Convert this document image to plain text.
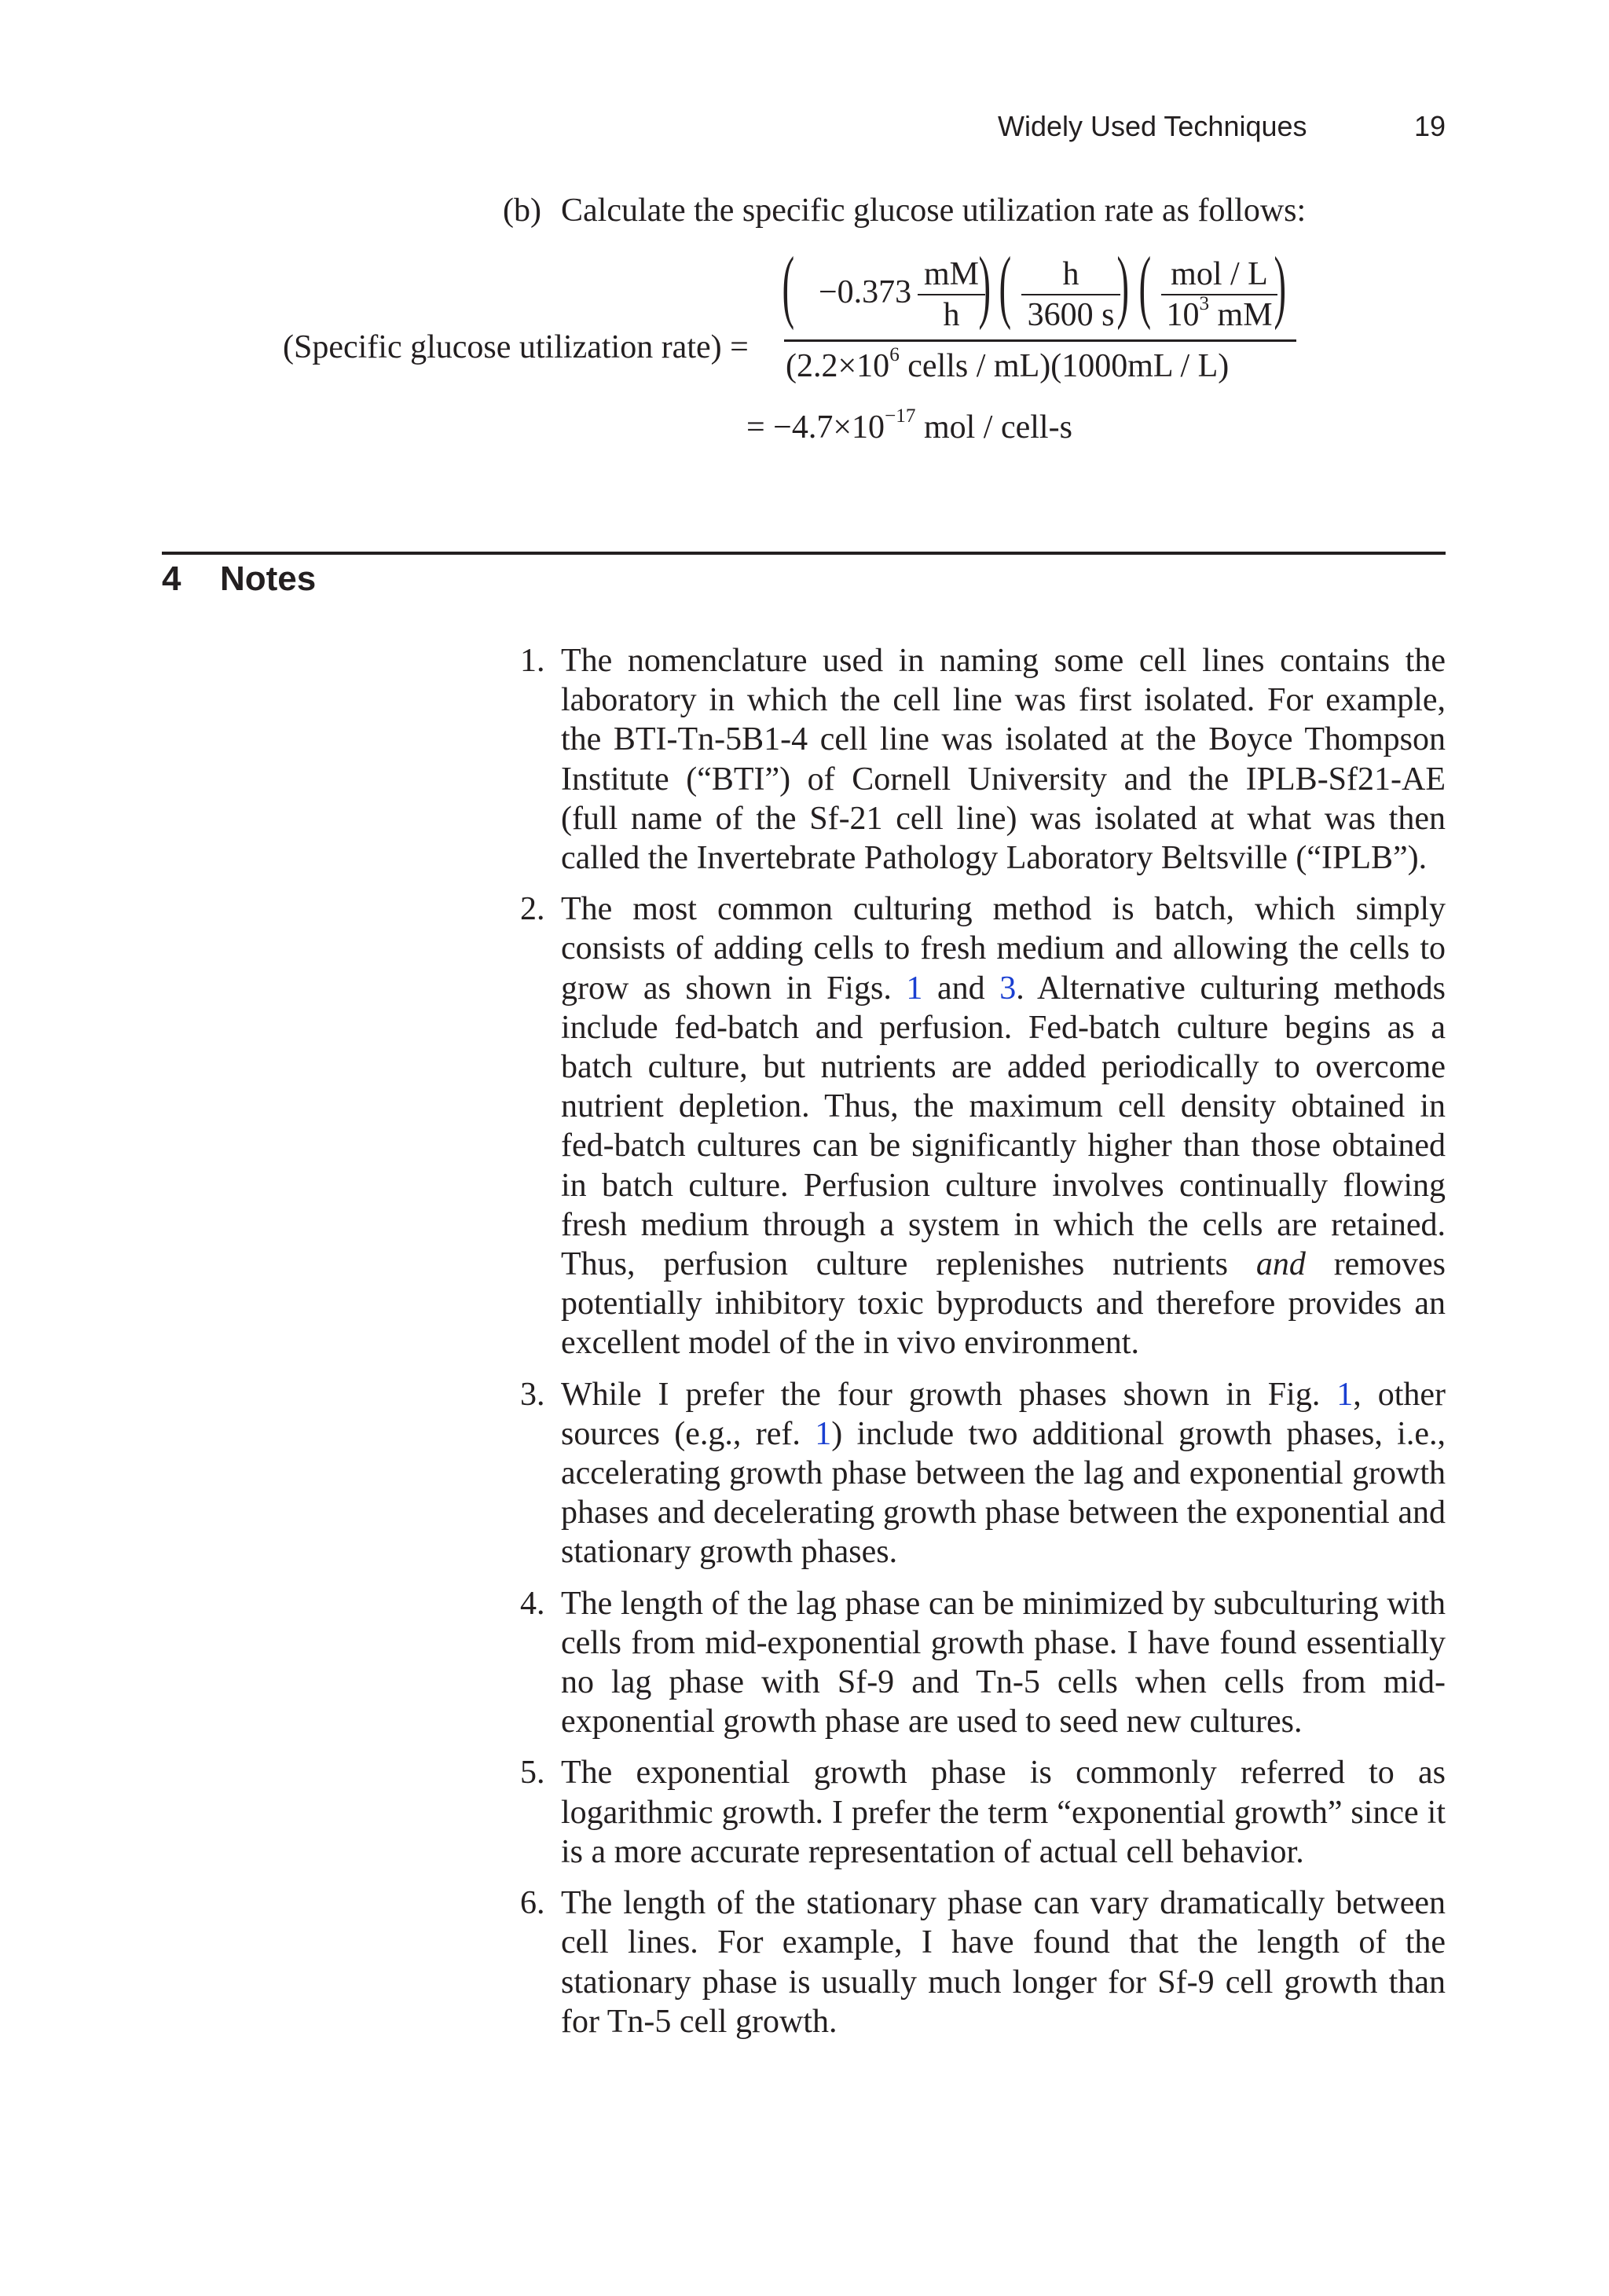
Widely Used Techniques	19
(b) Calculate the specific glucose utilization rate as follows:
(Specific glucose utilization rate) =
( $-0.373 \frac{mM}{h}$
) ( $\frac{h}{3600 s}$
) ( mol / L
$10^3$ mM )
($2.2\times 10^6$ cells / mL)(1000mL / L)
= $-4.7\times 10^{-17}$ mol / cell-s
4 Notes
1. The nomenclature used in naming some cell lines contains the laboratory in which the cell line was first isolated. For example, the BTI-Tn-5B1-4 cell line was isolated at the Boyce Thompson Institute (“BTI”) of Cornell University and the IPLB-Sf21-AE (full name of the Sf-21 cell line) was isolated at what was then called the Invertebrate Pathology Laboratory Beltsville (“IPLB”).
2. The most common culturing method is batch, which simply consists of adding cells to fresh medium and allowing the cells to grow as shown in Figs. 1 and 3. Alternative culturing methods include fed-batch and perfusion. Fed-batch culture begins as a batch culture, but nutrients are added periodically to overcome nutrient depletion. Thus, the maximum cell density obtained in fed-batch cultures can be significantly higher than those obtained in batch culture. Perfusion culture involves continually flowing fresh medium through a system in which the cells are retained. Thus, perfusion culture replenishes nutrients and removes potentially inhibitory toxic byproducts and therefore provides an excellent model of the in vivo environment.
3. While I prefer the four growth phases shown in Fig. 1, other sources (e.g., ref. 1) include two additional growth phases, i.e., accelerating growth phase between the lag and exponential growth phases and decelerating growth phase between the exponential and stationary growth phases.
4. The length of the lag phase can be minimized by subculturing with cells from mid-exponential growth phase. I have found essentially no lag phase with Sf-9 and Tn-5 cells when cells from mid-exponential growth phase are used to seed new cultures.
5. The exponential growth phase is commonly referred to as logarithmic growth. I prefer the term “exponential growth” since it is a more accurate representation of actual cell behavior.
6. The length of the stationary phase can vary dramatically between cell lines. For example, I have found that the length of the stationary phase is usually much longer for Sf-9 cell growth than for Tn-5 cell growth.
